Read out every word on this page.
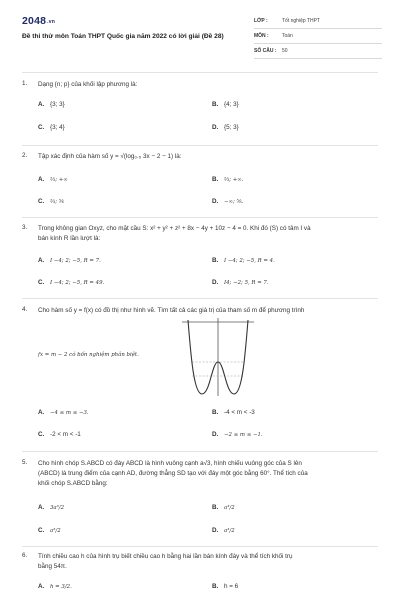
2048.vn
Đề thi thử môn Toán THPT Quốc gia năm 2022 có lời giải (Đề 28)
LỚP :	Tốt nghiệp THPT
MÔN :	Toán
SỐ CÂU :	50
1.	Dạng {n; p} của khối lập phương là:
A. {3; 3}	B. {4; 3}
C. {3; 4}	D. {5; 3}
2.	Tập xác định của hàm số y = √(log₀.₅ 3x − 2 − 1) là:
A. ⅔; +∞	B. ⅔; +∞.
C. ⅔; ⅚	D. −∞; ⅚.
3.	Trong không gian Oxyz, cho mặt cầu S: x² + y² + z² + 8x − 4y + 10z − 4 = 0. Khi đó (S) có tâm I và
bán kính R lần lượt là:
A. I −4; 2; −5, R = 7.	B. I −4; 2; −5, R = 4.
C. I −4; 2; −5, R = 49.	D. I4; −2; 5, R = 7.
4.	Cho hàm số y = f(x) có đồ thị như hình vẽ. Tìm tất cả các giá trị của tham số m để phương trình
fx = m − 2 có bốn nghiệm phân biệt.
A. −4 ≤ m ≤ −3.	B. -4 < m < -3
C. -2 < m < -1	D. −2 ≤ m ≤ −1.
5.	Cho hình chóp S.ABCD có đáy ABCD là hình vuông cạnh a√3, hình chiếu vuông góc của S lên
(ABCD) là trung điểm của cạnh AD, đường thẳng SD tạo với đáy một góc bằng 60°. Thể tích của
khối chóp S.ABCD bằng:
A. 3a³/2	B. a³/2
C. a³/2	D. a³/2
6.	Tính chiều cao h của hình trụ biết chiều cao h bằng hai lần bán kính đáy và thể tích khối trụ
bằng 54π.
A. h = 3/2.	B. h = 6
